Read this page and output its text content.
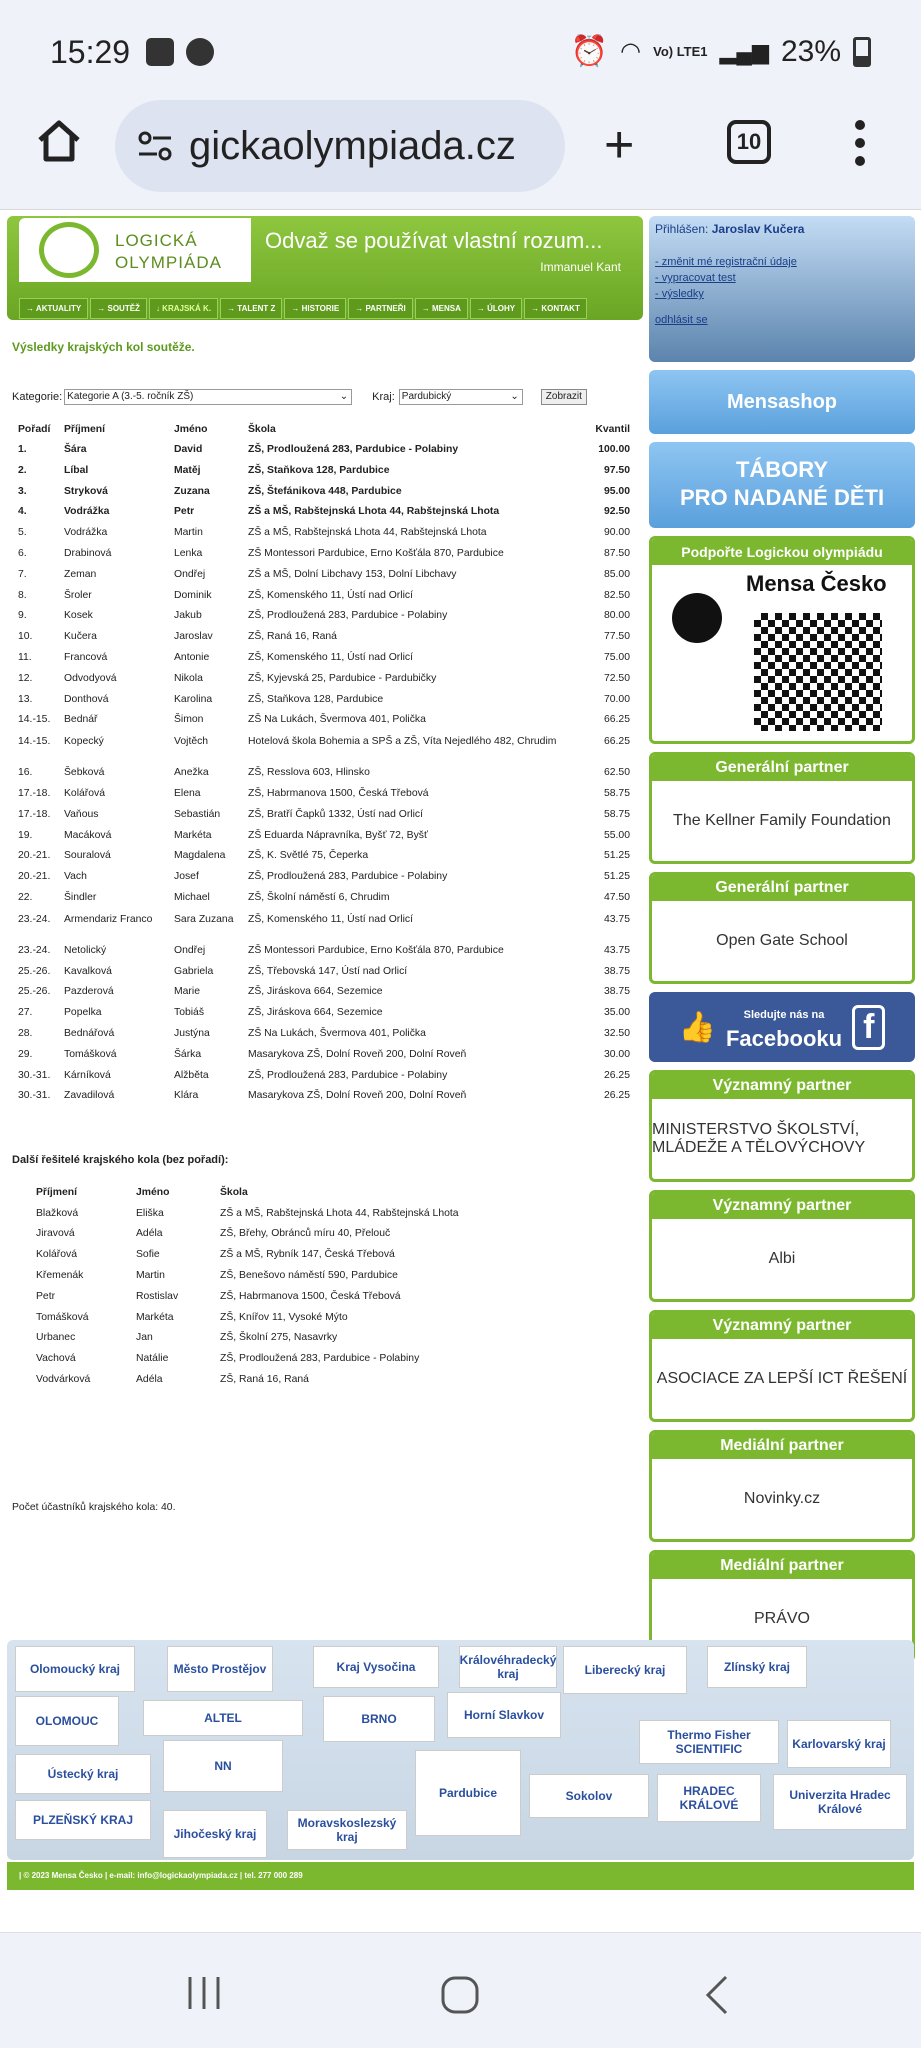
15:29	⏰ ◠ Vo) LTE1 ▂▄▆ 23%
gickaolympiada.cz +	10
LOGICKÁ
OLYMPIÁDA
Odvaž se používat vlastní rozum...
Immanuel Kant
→ AKTUALITY	→ SOUTĚŽ	↓ KRAJSKÁ K.	→ TALENT Z	→ HISTORIE	→ PARTNEŘI	→ MENSA	→ ÚLOHY	→ KONTAKT
Výsledky krajských kol soutěže.
Kategorie: Kategorie A (3.-5. ročník ZŠ)	⌄ Kraj: Pardubický	⌄	Zobrazit
Pořadí	Příjmení	Jméno	Škola	Kvantil
1.	Šára	David	ZŠ, Prodloužená 283, Pardubice - Polabiny	100.00
2.	Líbal	Matěj	ZŠ, Staňkova 128, Pardubice	97.50
3.	Stryková	Zuzana	ZŠ, Štefánikova 448, Pardubice	95.00
4.	Vodrážka	Petr	ZŠ a MŠ, Rabštejnská Lhota 44, Rabštejnská Lhota	92.50
5.	Vodrážka	Martin	ZŠ a MŠ, Rabštejnská Lhota 44, Rabštejnská Lhota	90.00
6.	Drabinová	Lenka	ZŠ Montessori Pardubice, Erno Košťála 870, Pardubice	87.50
7.	Zeman	Ondřej	ZŠ a MŠ, Dolní Libchavy 153, Dolní Libchavy	85.00
8.	Šroler	Dominik	ZŠ, Komenského 11, Ústí nad Orlicí	82.50
9.	Kosek	Jakub	ZŠ, Prodloužená 283, Pardubice - Polabiny	80.00
10.	Kučera	Jaroslav	ZŠ, Raná 16, Raná	77.50
11.	Francová	Antonie	ZŠ, Komenského 11, Ústí nad Orlicí	75.00
12.	Odvodyová	Nikola	ZŠ, Kyjevská 25, Pardubice - Pardubičky	72.50
13.	Donthová	Karolina	ZŠ, Staňkova 128, Pardubice	70.00
14.-15.	Bednář	Šimon	ZŠ Na Lukách, Švermova 401, Polička	66.25
14.-15.	Kopecký	Vojtěch	Hotelová škola Bohemia a SPŠ a ZŠ, Víta Nejedlého 482, Chrudim	66.25
16.	Šebková	Anežka	ZŠ, Resslova 603, Hlinsko	62.50
17.-18.	Kolářová	Elena	ZŠ, Habrmanova 1500, Česká Třebová	58.75
17.-18.	Vaňous	Sebastián	ZŠ, Bratří Čapků 1332, Ústí nad Orlicí	58.75
19.	Macáková	Markéta	ZŠ Eduarda Nápravníka, Byšť 72, Byšť	55.00
20.-21.	Souralová	Magdalena	ZŠ, K. Světlé 75, Čeperka	51.25
20.-21.	Vach	Josef	ZŠ, Prodloužená 283, Pardubice - Polabiny	51.25
22.	Šindler	Michael	ZŠ, Školní náměstí 6, Chrudim	47.50
23.-24.	Armendariz Franco	Sara Zuzana	ZŠ, Komenského 11, Ústí nad Orlicí	43.75
23.-24.	Netolický	Ondřej	ZŠ Montessori Pardubice, Erno Košťála 870, Pardubice	43.75
25.-26.	Kavalková	Gabriela	ZŠ, Třebovská 147, Ústí nad Orlicí	38.75
25.-26.	Pazderová	Marie	ZŠ, Jiráskova 664, Sezemice	38.75
27.	Popelka	Tobiáš	ZŠ, Jiráskova 664, Sezemice	35.00
28.	Bednářová	Justýna	ZŠ Na Lukách, Švermova 401, Polička	32.50
29.	Tomášková	Šárka	Masarykova ZŠ, Dolní Roveň 200, Dolní Roveň	30.00
30.-31.	Kárníková	Alžběta	ZŠ, Prodloužená 283, Pardubice - Polabiny	26.25
30.-31.	Zavadilová	Klára	Masarykova ZŠ, Dolní Roveň 200, Dolní Roveň	26.25
Další řešitelé krajského kola (bez pořadí):
Příjmení	Jméno	Škola
Blažková	Eliška	ZŠ a MŠ, Rabštejnská Lhota 44, Rabštejnská Lhota
Jiravová	Adéla	ZŠ, Břehy, Obránců míru 40, Přelouč
Kolářová	Sofie	ZŠ a MŠ, Rybník 147, Česká Třebová
Křemenák	Martin	ZŠ, Benešovo náměstí 590, Pardubice
Petr	Rostislav	ZŠ, Habrmanova 1500, Česká Třebová
Tomášková	Markéta	ZŠ, Knířov 11, Vysoké Mýto
Urbanec	Jan	ZŠ, Školní 275, Nasavrky
Vachová	Natálie	ZŠ, Prodloužená 283, Pardubice - Polabiny
Vodvárková	Adéla	ZŠ, Raná 16, Raná
Počet účastníků krajského kola: 40.
Přihlášen: Jaroslav Kučera
- změnit mé registrační údaje
- vypracovat test
- výsledky
odhlásit se
Mensashop
TÁBORY
PRO NADANÉ DĚTI
Podpořte Logickou olympiádu
Mensa Česko
Generální partner
The Kellner Family Foundation
Generální partner
Open Gate School
👍	Sledujte nás na
Facebooku f
Významný partner
MINISTERSTVO ŠKOLSTVÍ, MLÁDEŽE A TĚLOVÝCHOVY
Významný partner
Albi
Významný partner
ASOCIACE ZA LEPŠÍ ICT ŘEŠENÍ
Mediální partner
Novinky.cz
Mediální partner
PRÁVO
Olomoucký kraj	Město Prostějov	Kraj Vysočina	Královéhradecký kraj	Liberecký kraj	Zlínský kraj
OLOMOUC	ALTEL	BRNO	Horní Slavkov
Thermo Fisher SCIENTIFIC	Karlovarský kraj
Ústecký kraj
NN
Pardubice	Sokolov	HRADEC KRÁLOVÉ
Univerzita Hradec Králové
PLZEŇSKÝ KRAJ
Jihočeský kraj
Moravskoslezský kraj
| © 2023 Mensa Česko | e-mail: info@logickaolympiada.cz | tel. 277 000 289
